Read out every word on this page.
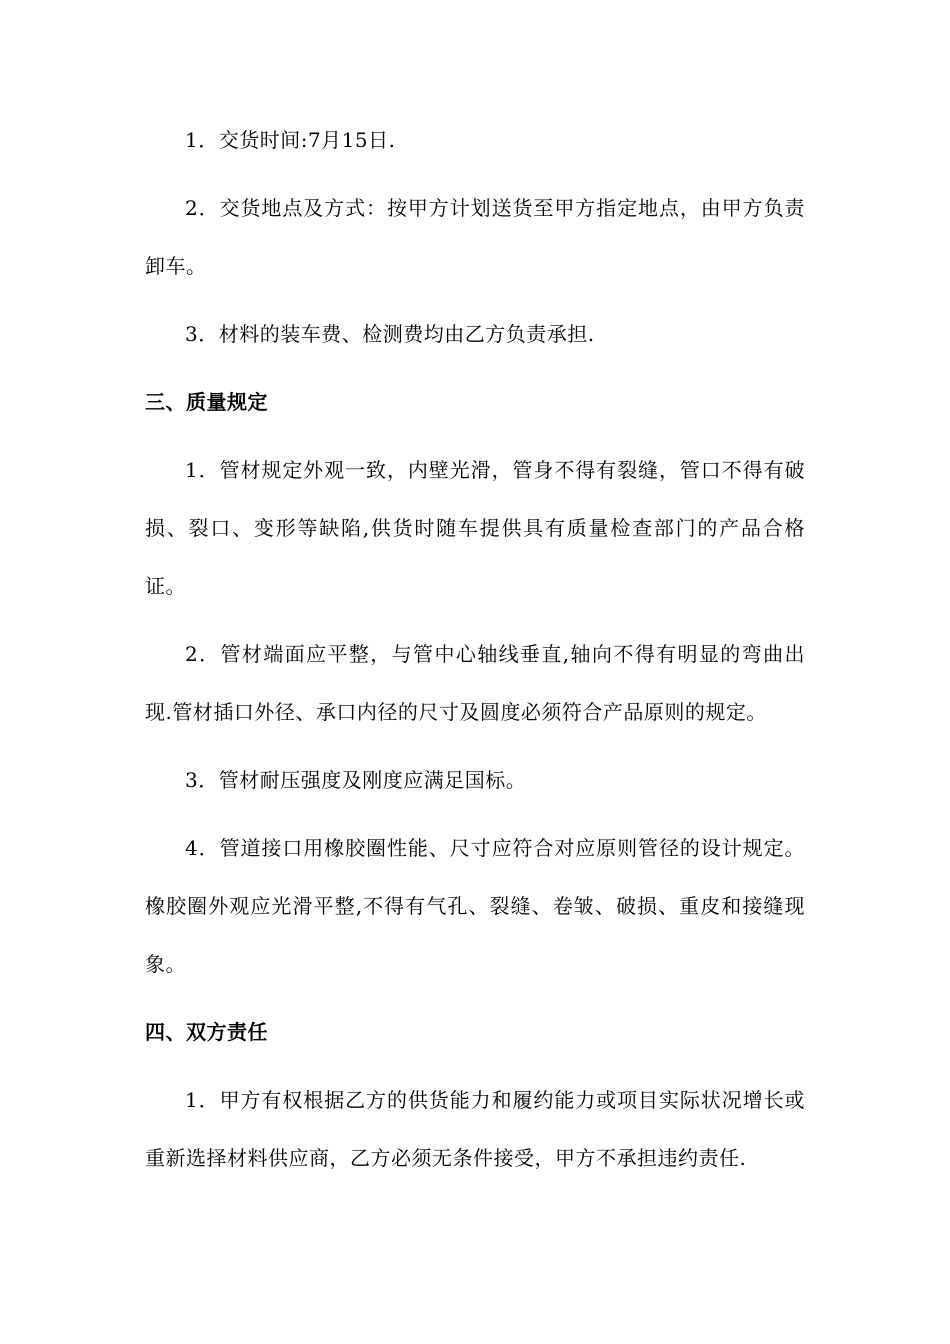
1．交货时间:7月15日.

2．交货地点及方式：按甲方计划送货至甲方指定地点，由甲方负责卸车。

3．材料的装车费、检测费均由乙方负责承担.

三、质量规定

1．管材规定外观一致，内壁光滑，管身不得有裂缝，管口不得有破损、裂口、变形等缺陷,供货时随车提供具有质量检查部门的产品合格证。

2．管材端面应平整，与管中心轴线垂直,轴向不得有明显的弯曲出现.管材插口外径、承口内径的尺寸及圆度必须符合产品原则的规定。

3．管材耐压强度及刚度应满足国标。

4．管道接口用橡胶圈性能、尺寸应符合对应原则管径的设计规定。橡胶圈外观应光滑平整,不得有气孔、裂缝、卷皱、破损、重皮和接缝现象。

四、双方责任

1．甲方有权根据乙方的供货能力和履约能力或项目实际状况增长或重新选择材料供应商，乙方必须无条件接受，甲方不承担违约责任.
